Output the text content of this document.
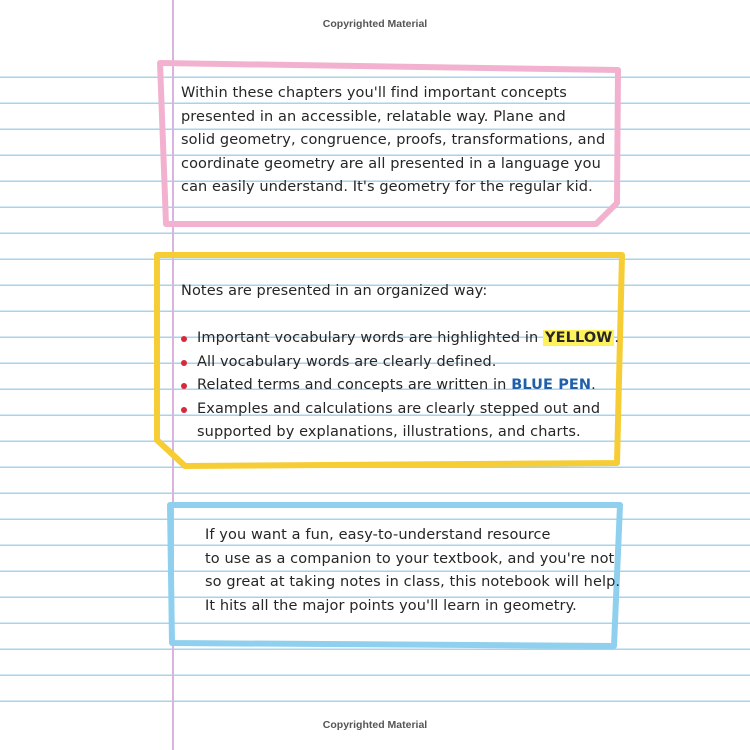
Copyrighted Material
Copyrighted Material

Within these chapters you'll find important concepts

presented in an accessible, relatable way. Plane and

solid geometry, congruence, proofs, transformations, and

coordinate geometry are all presented in a language you

can easily understand. It's geometry for the regular kid.

Notes are presented in an organized way:

Important vocabulary words are highlighted in YELLOW .
All vocabulary words are clearly defined.
Related terms and concepts are written in BLUE PEN.
Examples and calculations are clearly stepped out and
supported by explanations, illustrations, and charts.

If you want a fun, easy-to-understand resource

to use as a companion to your textbook, and you're not

so great at taking notes in class, this notebook will help.

It hits all the major points you'll learn in geometry.
